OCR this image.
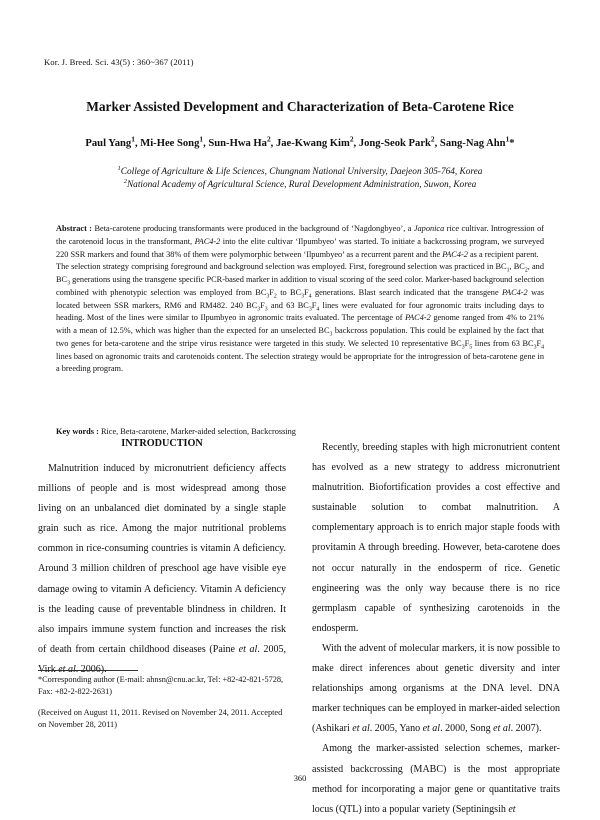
Kor. J. Breed. Sci. 43(5) : 360~367 (2011)
Marker Assisted Development and Characterization of Beta-Carotene Rice
Paul Yang$^1$, Mi-Hee Song$^1$, Sun-Hwa Ha$^2$, Jae-Kwang Kim$^2$, Jong-Seok Park$^2$, Sang-Nag Ahn$^1$*
$^1$College of Agriculture & Life Sciences, Chungnam National University, Daejeon 305-764, Korea
$^2$National Academy of Agricultural Science, Rural Development Administration, Suwon, Korea

Abstract : Beta-carotene producing transformants were produced in the background of ‘Nagdongbyeo’, a Japonica rice cultivar. Introgression of the carotenoid locus in the transformant, PAC4-2 into the elite cultivar ‘Ilpumbyeo’ was started. To initiate a backcrossing program, we surveyed 220 SSR markers and found that 38% of them were polymorphic between ‘Ilpumbyeo’ as a recurrent parent and the PAC4-2 as a recipient parent.

The selection strategy comprising foreground and background selection was employed. First, foreground selection was practiced in $BC_1$, $BC_2$, and $BC_3$ generations using the transgene specific PCR-based marker in addition to visual scoring of the seed color. Marker-based background selection combined with phenotypic selection was employed from $BC_3F_2$ to $BC_3F_4$ generations. Blast search indicated that the transgene PAC4-2 was located between SSR markers, RM6 and RM482. 240 $BC_3F_3$ and 63 $BC_3F_4$ lines were evaluated for four agronomic traits including days to heading. Most of the lines were similar to Ilpumbyeo in agronomic traits evaluated. The percentage of PAC4-2 genome ranged from 4% to 21% with a mean of 12.5%, which was higher than the expected for an unselected $BC_3$ backcross population. This could be explained by the fact that two genes for beta-carotene and the stripe virus resistance were targeted in this study. We selected 10 representative $BC_3F_5$ lines from 63 $BC_3F_4$ lines based on agronomic traits and carotenoids content. The selection strategy would be appropriate for the introgression of beta-carotene gene in a breeding program.

Key words : Rice, Beta-carotene, Marker-aided selection, Backcrossing

INTRODUCTION

Malnutrition induced by micronutrient deficiency affects millions of people and is most widespread among those living on an unbalanced diet dominated by a single staple grain such as rice. Among the major nutritional problems common in rice-consuming countries is vitamin A deficiency. Around 3 million children of preschool age have visible eye damage owing to vitamin A deficiency. Vitamin A deficiency is the leading cause of preventable blindness in children. It also impairs immune system function and increases the risk of death from certain childhood diseases (Paine et al. 2005, Virk et al. 2006).

Recently, breeding staples with high micronutrient content has evolved as a new strategy to address micronutrient malnutrition. Biofortification provides a cost effective and sustainable solution to combat malnutrition. A complementary approach is to enrich major staple foods with provitamin A through breeding. However, beta-carotene does not occur naturally in the endosperm of rice. Genetic engineering was the only way because there is no rice germplasm capable of synthesizing carotenoids in the endosperm.

With the advent of molecular markers, it is now possible to make direct inferences about genetic diversity and inter relationships among organisms at the DNA level. DNA marker techniques can be employed in marker-aided selection (Ashikari et al. 2005, Yano et al. 2000, Song et al. 2007).

Among the marker-assisted selection schemes, marker-assisted backcrossing (MABC) is the most appropriate method for incorporating a major gene or quantitative traits locus (QTL) into a popular variety (Septiningsih et

*Corresponding author (E-mail: ahnsn@cnu.ac.kr, Tel: +82-42-821-5728, Fax: +82-2-822-2631)
(Received on August 11, 2011. Revised on November 24, 2011. Accepted on November 28, 2011)
360
